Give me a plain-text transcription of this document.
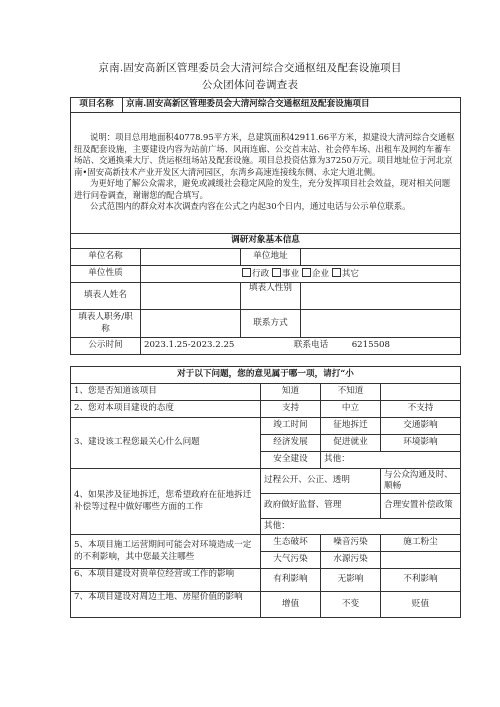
京南.固安高新区管理委员会大清河综合交通枢纽及配套设施项目
公众团体问卷调查表
项目名称	京南.固安高新区管理委员会大清河综合交通枢纽及配套设施项目

说明：项目总用地面积40778.95平方米，总建筑面积42911.66平方米，拟建设大清河综合交通枢纽及配套设施，主要建设内容为站前广场、风雨连廊、公交首末站、社会停车场、出租车及网约车蓄车场站、交通换乘大厅、货运枢纽场站及配套设施。项目总投资估算为37250万元。项目地址位于河北京南•固安高新技术产业开发区大清河园区，东湾乡高速连接线东侧、永定大道北侧。

为更好地了解公众需求，避免或减缓社会稳定风险的发生，充分发挥项目社会效益，现对相关问题进行问卷调查，谢谢您的配合填写。

公式范围内的群众对本次调查内容在公式之内起30个日内，通过电话与公示单位联系。

调研对象基本信息			
单位名称		单位地址	
单位性质	行政 事业 企业 其它		
填表人姓名		填表人性别	
填表人职务/职称		联系方式	
公示时间	2023.1.25-2023.2.25 联系电话 6215508		
对于以下问题，您的意见属于哪一项，请打“小			
1、您是否知道该项目	知道	不知道	
2、您对本项目建设的态度	支持	中立	不支持
3、建设该工程您最关心什么问题	竣工时间	征地拆迁	交通影响
	经济发展	促进就业	环境影响
	安全建设	其他：	
4、如果涉及征地拆迁，您希望政府在征地拆迁补偿等过程中做好哪些方面的工作	过程公开、公正、透明		与公众沟通及时、顺畅
	政府做好监督、管理		合理安置补偿政策
	其他：		
5、本项目施工运营期间可能会对环境造成一定的不利影响，其中您最关注哪些	生态破坏	噪音污染	施工粉尘
	大气污染	水源污染	
6、本项目建设对贵单位经营或工作的影响	有利影响	无影响	不利影响
7、本项目建设对周边土地、房屋价值的影响	增值	不变	贬值
